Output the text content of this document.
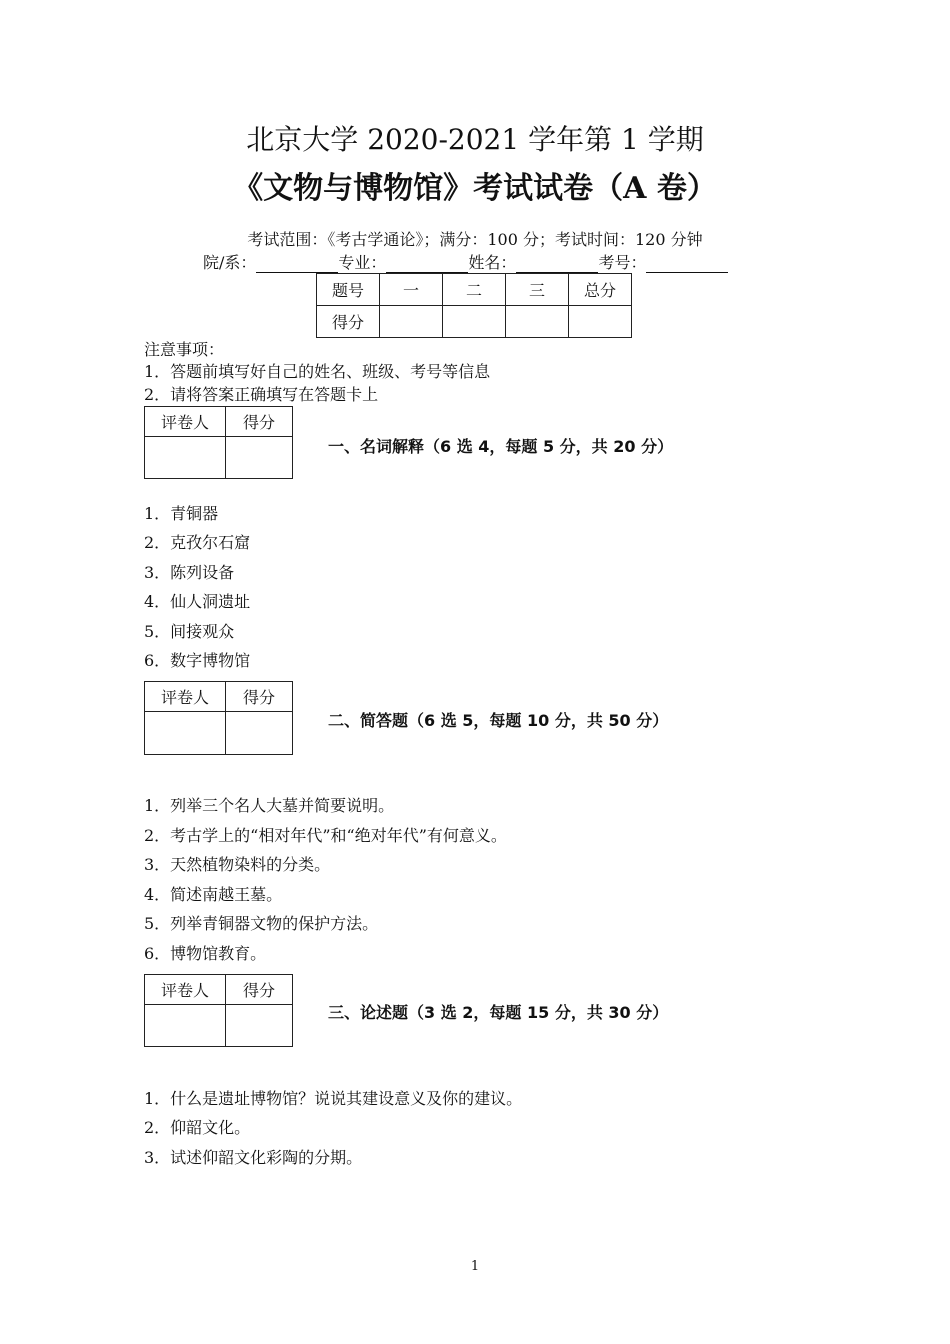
北京大学 2020-2021 学年第 1 学期
《文物与博物馆》考试试卷（A 卷）
考试范围：《考古学通论》；满分：100 分；考试时间：120 分钟
院/系：	专业：	姓名：	考号：
题号	一	二	三	总分
得分				
注意事项：
1．答题前填写好自己的姓名、班级、考号等信息
2．请将答案正确填写在答题卡上
评卷人	得分

一、名词解释（6 选 4，每题 5 分，共 20 分）
1．青铜器
2．克孜尔石窟
3．陈列设备
4．仙人洞遗址
5．间接观众
6．数字博物馆
评卷人	得分

二、简答题（6 选 5，每题 10 分，共 50 分）
1．列举三个名人大墓并简要说明。
2．考古学上的“相对年代”和“绝对年代”有何意义。
3．天然植物染料的分类。
4．简述南越王墓。
5．列举青铜器文物的保护方法。
6．博物馆教育。
评卷人	得分

三、论述题（3 选 2，每题 15 分，共 30 分）
1．什么是遗址博物馆？说说其建设意义及你的建议。
2．仰韶文化。
3．试述仰韶文化彩陶的分期。
1
